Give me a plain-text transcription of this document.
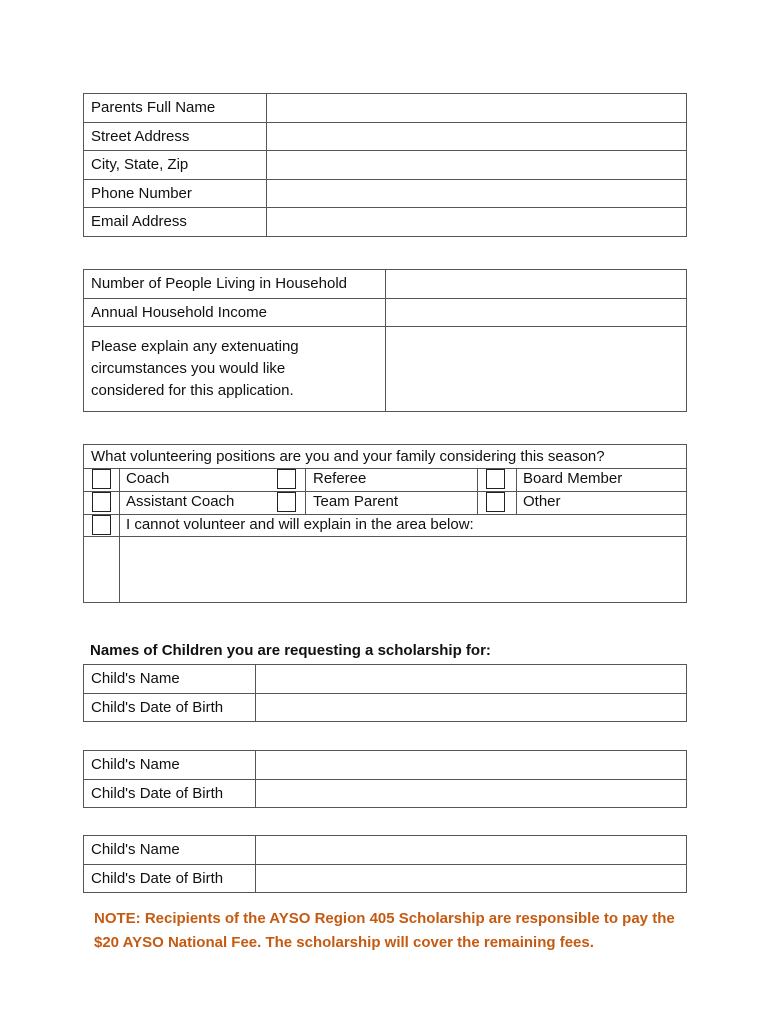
Parents Full Name	
Street Address	
City, State, Zip	
Phone Number	
Email Address	
Number of People Living in Household	
Annual Household Income	

Please explain any extenuating
circumstances you would like
considered for this application.	

What volunteering positions are you and your family considering this season?
Coach	Referee	Board Member
Assistant Coach	Team Parent	Other
I cannot volunteer and will explain in the area below:
Names of Children you are requesting a scholarship for:
Child's Name	
Child's Date of Birth	
Child's Name	
Child's Date of Birth	
Child's Name	
Child's Date of Birth	
NOTE: Recipients of the AYSO Region 405 Scholarship are responsible to pay the
$20 AYSO National Fee. The scholarship will cover the remaining fees.
